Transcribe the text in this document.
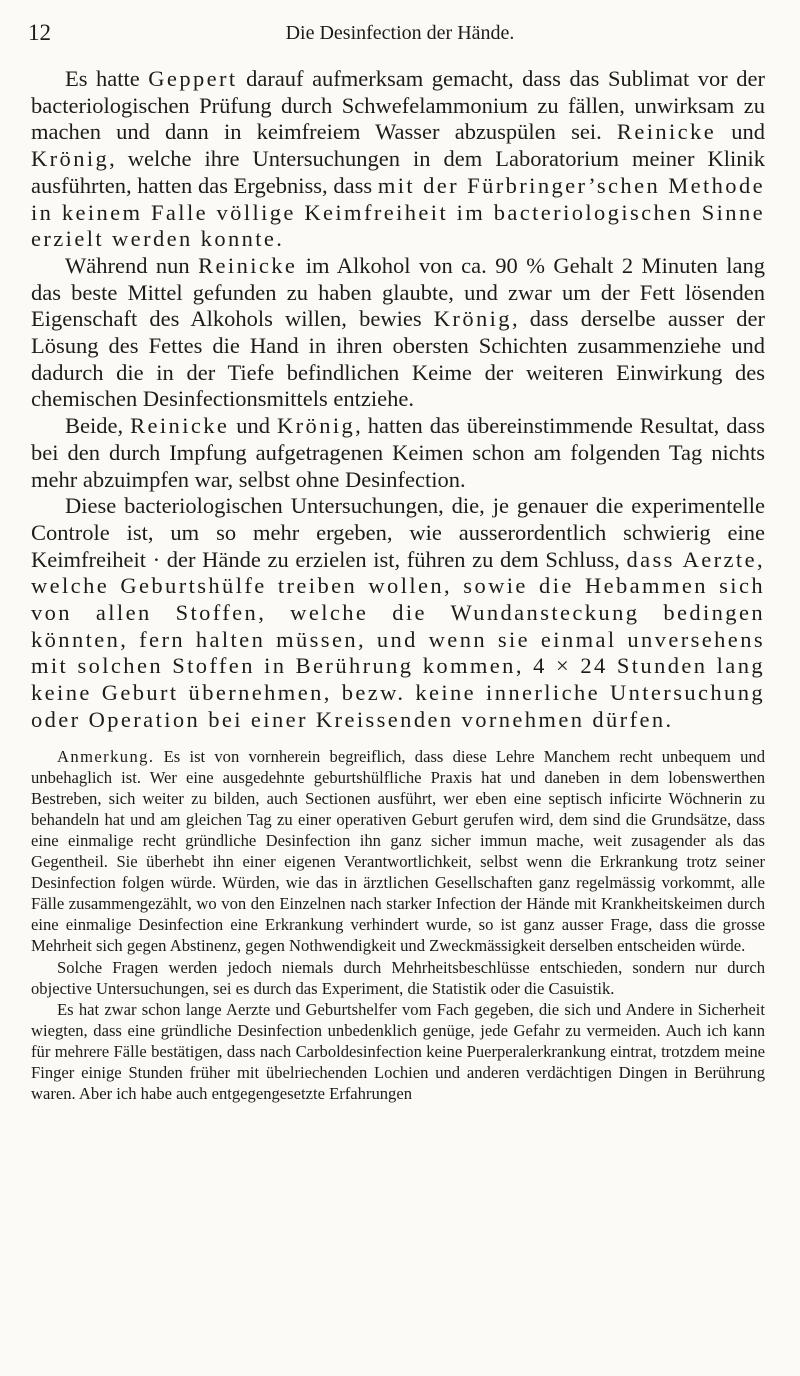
12	Die Desinfection der Hände.

Es hatte Geppert darauf aufmerksam gemacht, dass das Sublimat vor der bacteriologischen Prüfung durch Schwefelammonium zu fällen, unwirksam zu machen und dann in keimfreiem Wasser abzuspülen sei. Reinicke und Krönig, welche ihre Untersuchungen in dem Laboratorium meiner Klinik ausführten, hatten das Ergebniss, dass mit der Fürbringer’schen Methode in keinem Falle völlige Keimfreiheit im bacteriologischen Sinne erzielt werden konnte.

Während nun Reinicke im Alkohol von ca. 90 % Gehalt 2 Minuten lang das beste Mittel gefunden zu haben glaubte, und zwar um der Fett lösenden Eigenschaft des Alkohols willen, bewies Krönig, dass derselbe ausser der Lösung des Fettes die Hand in ihren obersten Schichten zusammenziehe und dadurch die in der Tiefe befindlichen Keime der weiteren Einwirkung des chemischen Desinfectionsmittels entziehe.

Beide, Reinicke und Krönig, hatten das übereinstimmende Resultat, dass bei den durch Impfung aufgetragenen Keimen schon am folgenden Tag nichts mehr abzuimpfen war, selbst ohne Desinfection.

Diese bacteriologischen Untersuchungen, die, je genauer die experimentelle Controle ist, um so mehr ergeben, wie ausserordentlich schwierig eine Keimfreiheit · der Hände zu erzielen ist, führen zu dem Schluss, dass Aerzte, welche Geburtshülfe treiben wollen, sowie die Hebammen sich von allen Stoffen, welche die Wundansteckung bedingen könnten, fern halten müssen, und wenn sie einmal unversehens mit solchen Stoffen in Berührung kommen, 4 × 24 Stunden lang keine Geburt übernehmen, bezw. keine innerliche Untersuchung oder Operation bei einer Kreissenden vornehmen dürfen.

Anmerkung. Es ist von vornherein begreiflich, dass diese Lehre Manchem recht unbequem und unbehaglich ist. Wer eine ausgedehnte geburtshülfliche Praxis hat und daneben in dem lobenswerthen Bestreben, sich weiter zu bilden, auch Sectionen ausführt, wer eben eine septisch inficirte Wöchnerin zu behandeln hat und am gleichen Tag zu einer operativen Geburt gerufen wird, dem sind die Grundsätze, dass eine einmalige recht gründliche Desinfection ihn ganz sicher immun mache, weit zusagender als das Gegentheil. Sie überhebt ihn einer eigenen Verantwortlichkeit, selbst wenn die Erkrankung trotz seiner Desinfection folgen würde. Würden, wie das in ärztlichen Gesellschaften ganz regelmässig vorkommt, alle Fälle zusammengezählt, wo von den Einzelnen nach starker Infection der Hände mit Krankheitskeimen durch eine einmalige Desinfection eine Erkrankung verhindert wurde, so ist ganz ausser Frage, dass die grosse Mehrheit sich gegen Abstinenz, gegen Nothwendigkeit und Zweckmässigkeit derselben entscheiden würde.

Solche Fragen werden jedoch niemals durch Mehrheitsbeschlüsse entschieden, sondern nur durch objective Untersuchungen, sei es durch das Experiment, die Statistik oder die Casuistik.

Es hat zwar schon lange Aerzte und Geburtshelfer vom Fach gegeben, die sich und Andere in Sicherheit wiegten, dass eine gründliche Desinfection unbedenklich genüge, jede Gefahr zu vermeiden. Auch ich kann für mehrere Fälle bestätigen, dass nach Carboldesinfection keine Puerperalerkrankung eintrat, trotzdem meine Finger einige Stunden früher mit übelriechenden Lochien und anderen verdächtigen Dingen in Berührung waren. Aber ich habe auch entgegengesetzte Erfahrungen
